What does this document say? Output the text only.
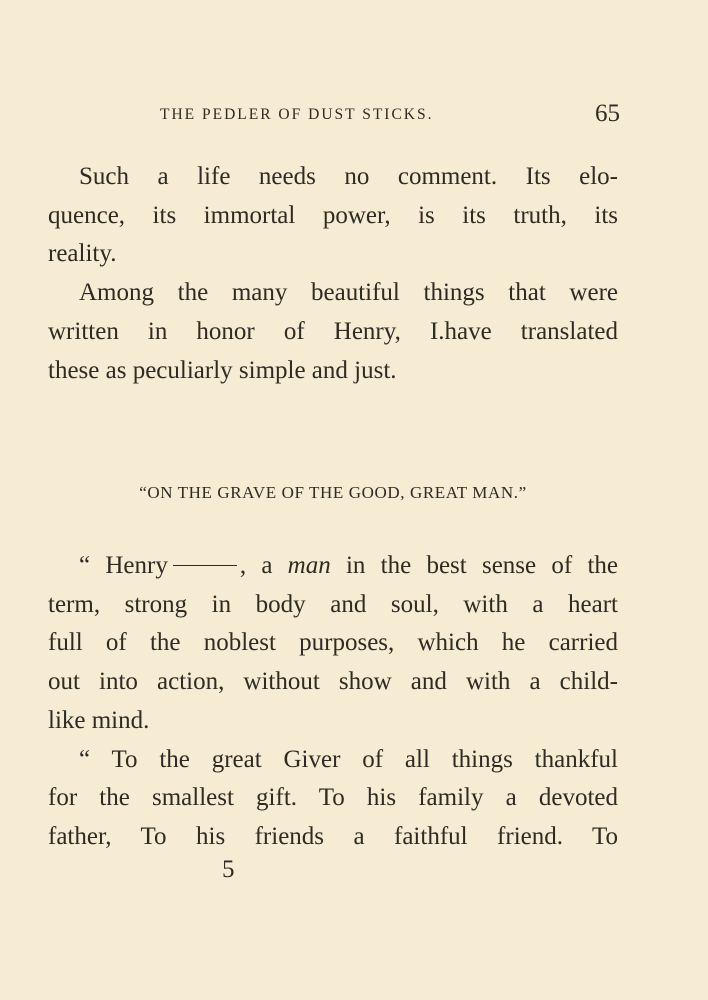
THE PEDLER OF DUST STICKS.	65
Such a life needs no comment. Its elo-
quence, its immortal power, is its truth, its
reality.
Among the many beautiful things that were
written in honor of Henry, I.have translated
these as peculiarly simple and just.
“ON THE GRAVE OF THE GOOD, GREAT MAN.”
“ Henry	, a man in the best sense of the
term, strong in body and soul, with a heart
full of the noblest purposes, which he carried
out into action, without show and with a child-
like mind.
“ To the great Giver of all things thankful
for the smallest gift. To his family a devoted
father, To his friends a faithful friend. To
5
